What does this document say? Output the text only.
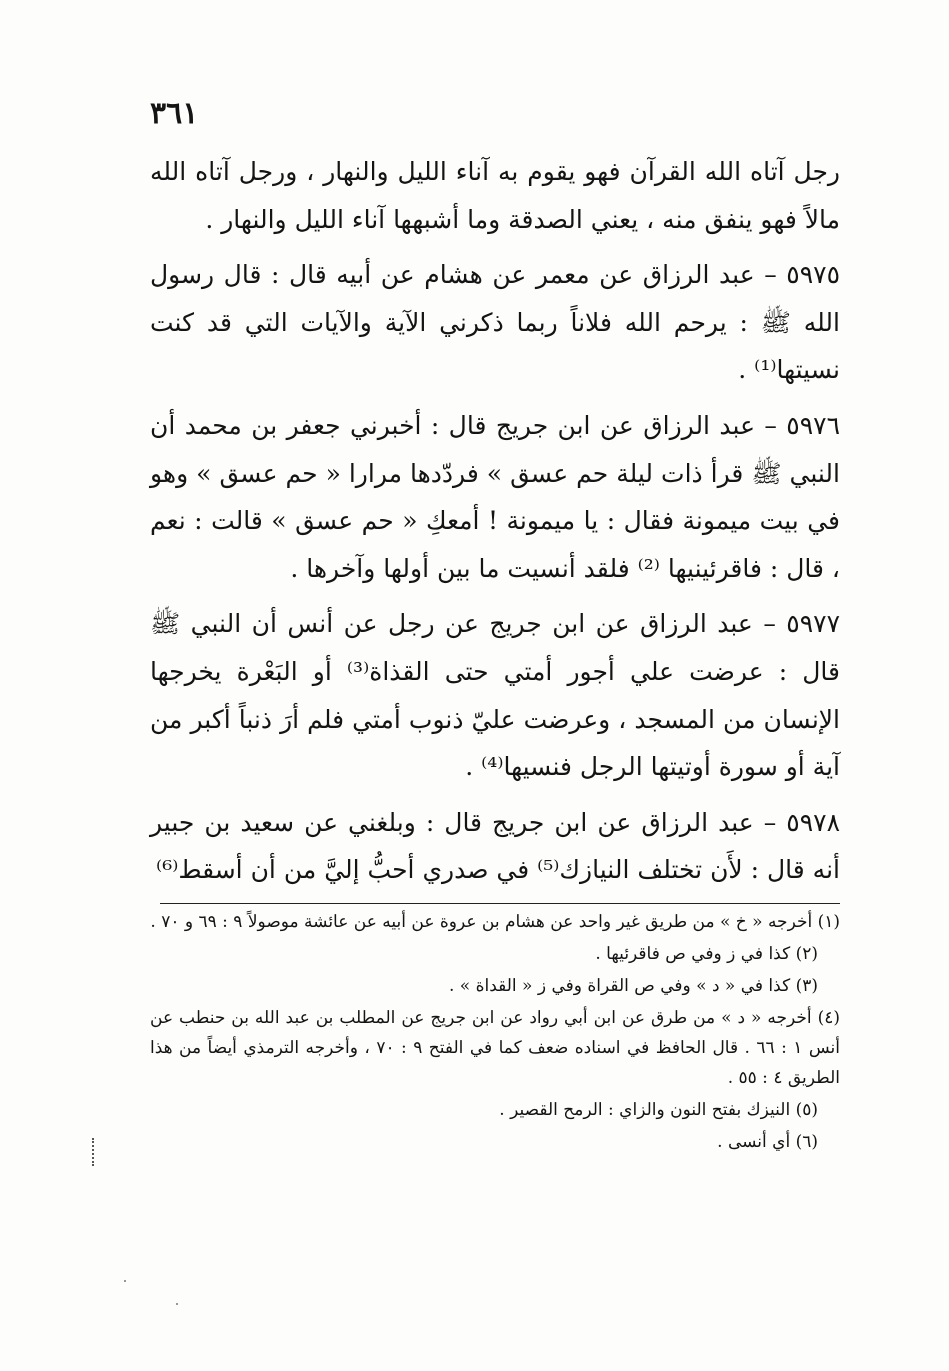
٣٦١

رجل آتاه الله القرآن فهو يقوم به آناء الليل والنهار ، ورجل آتاه الله مالاً فهو ينفق منه ، يعني الصدقة وما أشبهها آناء الليل والنهار .

٥٩٧٥ – عبد الرزاق عن معمر عن هشام عن أبيه قال : قال رسول الله ﷺ : يرحم الله فلاناً ربما ذكرني الآية والآيات التي قد كنت نسيتها⁽¹⁾ .

٥٩٧٦ – عبد الرزاق عن ابن جريج قال : أخبرني جعفر بن محمد أن النبي ﷺ قرأ ذات ليلة حم عسق » فردّدها مرارا « حم عسق » وهو في بيت ميمونة فقال : يا ميمونة ! أمعكِ « حم عسق » قالت : نعم ، قال : فاقرئينيها ⁽²⁾ فلقد أنسيت ما بين أولها وآخرها .

٥٩٧٧ – عبد الرزاق عن ابن جريج عن رجل عن أنس أن النبي ﷺ قال : عرضت علي أجور أمتي حتى القذاة⁽³⁾ أو البَعْرة يخرجها الإنسان من المسجد ، وعرضت عليّ ذنوب أمتي فلم أرَ ذنباً أكبر من آية أو سورة أوتيتها الرجل فنسيها⁽⁴⁾ .

٥٩٧٨ – عبد الرزاق عن ابن جريج قال : وبلغني عن سعيد بن جبير أنه قال : لأَن تختلف النيازك⁽⁵⁾ في صدري أحبُّ إليَّ من أن أسقط⁽⁶⁾

(١) أخرجه « خ » من طريق غير واحد عن هشام بن عروة عن أبيه عن عائشة موصولاً ٩ : ٦٩ و ٧٠ .

(٢) كذا في ز وفي ص فاقرئيها .

(٣) كذا في « د » وفي ص القراة وفي ز « القداة » .

(٤) أخرجه « د » من طرق عن ابن أبي رواد عن ابن جريج عن المطلب بن عبد الله بن حنطب عن أنس ١ : ٦٦ . قال الحافظ في اسناده ضعف كما في الفتح ٩ : ٧٠ ، وأخرجه الترمذي أيضاً من هذا الطريق ٤ : ٥٥ .

(٥) النيزك بفتح النون والزاي : الرمح القصير .

(٦) أي أنسى .
